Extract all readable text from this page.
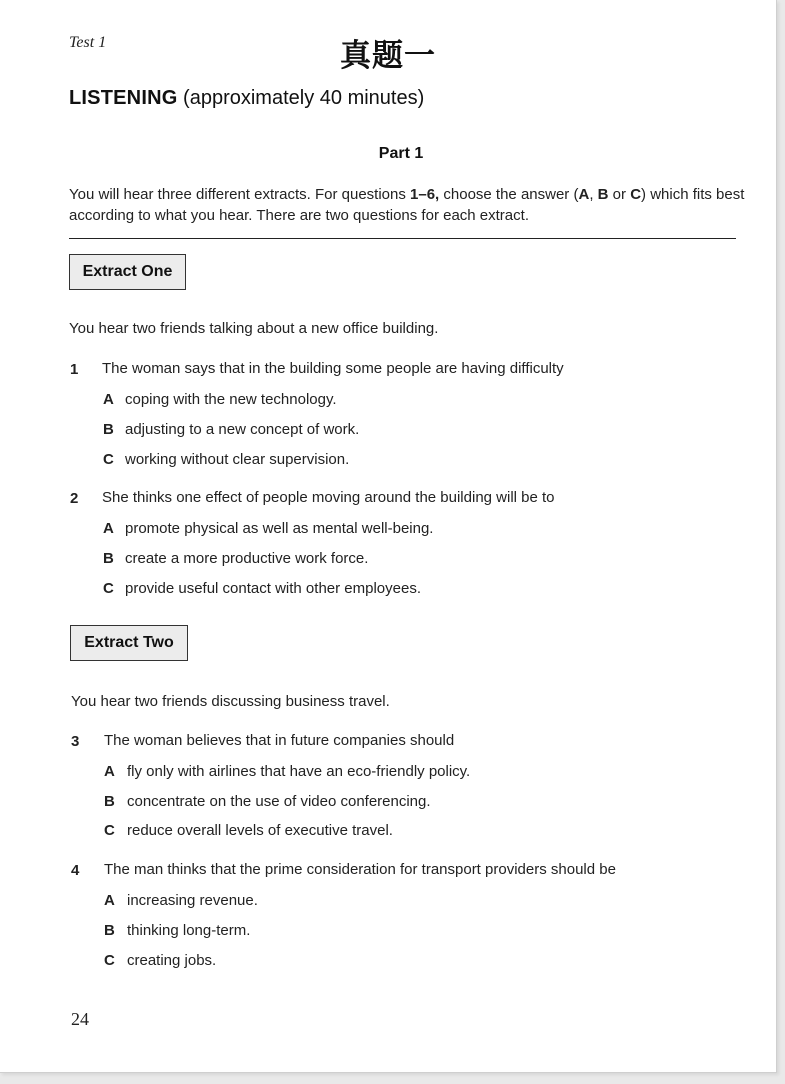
Test 1	真题一
LISTENING (approximately 40 minutes)
Part 1
You will hear three different extracts. For questions 1–6, choose the answer (A, B or C) which fits best according to what you hear. There are two questions for each extract.
Extract One
You hear two friends talking about a new office building.
1 The woman says that in the building some people are having difficulty
A coping with the new technology.
B adjusting to a new concept of work.
C working without clear supervision.
2 She thinks one effect of people moving around the building will be to
A promote physical as well as mental well-being.
B create a more productive work force.
C provide useful contact with other employees.
Extract Two
You hear two friends discussing business travel.
3 The woman believes that in future companies should
A fly only with airlines that have an eco-friendly policy.
B concentrate on the use of video conferencing.
C reduce overall levels of executive travel.
4 The man thinks that the prime consideration for transport providers should be
A increasing revenue.
B thinking long-term.
C creating jobs.
24
